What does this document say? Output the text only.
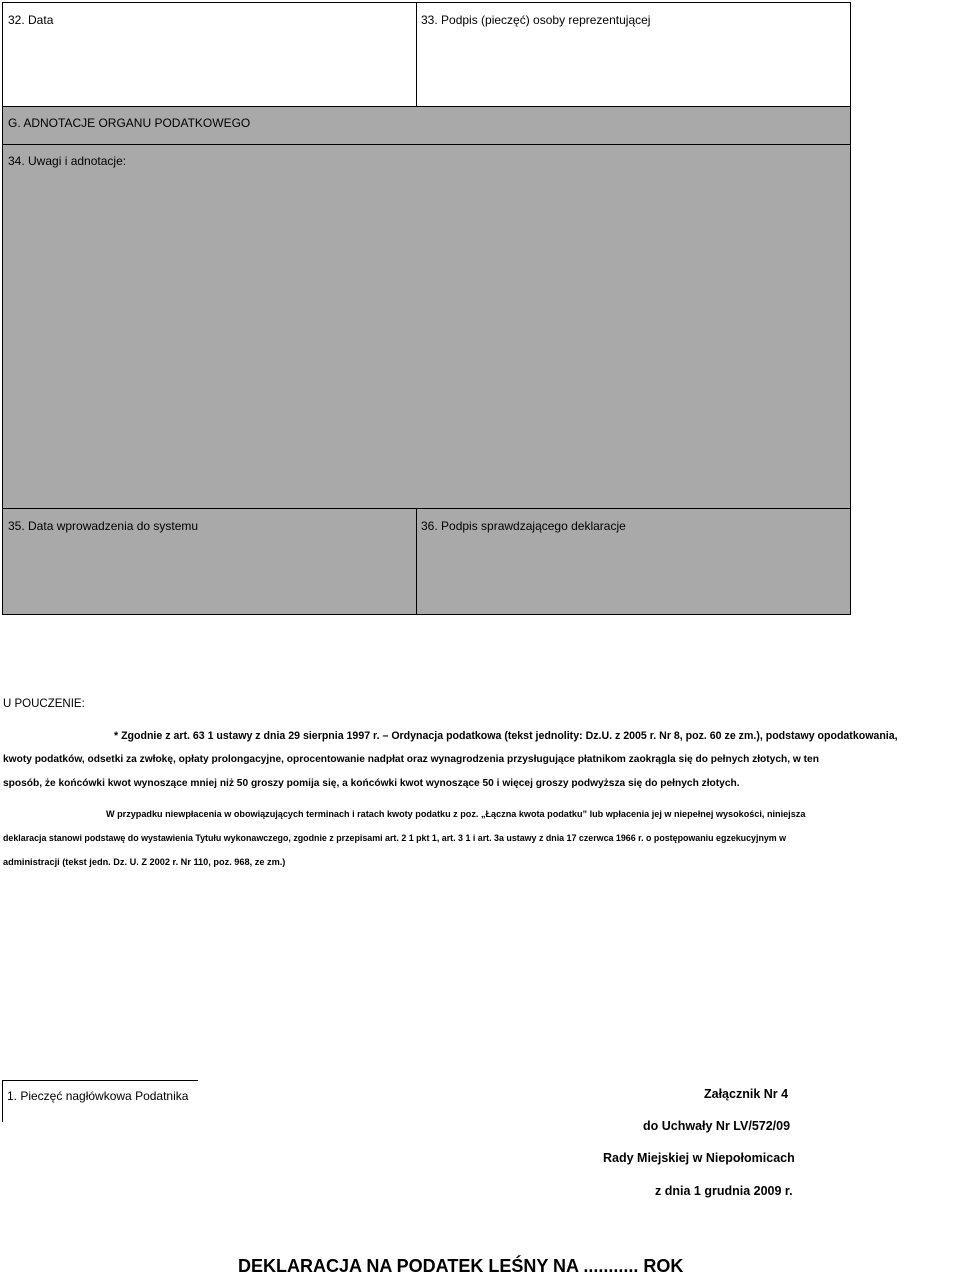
32. Data	33. Podpis (pieczęć) osoby reprezentującej
G. ADNOTACJE ORGANU PODATKOWEGO
34. Uwagi i adnotacje:
35. Data wprowadzenia do systemu	36. Podpis sprawdzającego deklaracje
U POUCZENIE:
* Zgodnie z art. 63 1 ustawy z dnia 29 sierpnia 1997 r. – Ordynacja podatkowa (tekst jednolity: Dz.U. z 2005 r. Nr 8, poz. 60 ze zm.), podstawy opodatkowania,
kwoty podatków, odsetki za zwłokę, opłaty prolongacyjne, oprocentowanie nadpłat oraz wynagrodzenia przysługujące płatnikom zaokrągla się do pełnych złotych, w ten
sposób, że końcówki kwot wynoszące mniej niż 50 groszy pomija się, a końcówki kwot wynoszące 50 i więcej groszy podwyższa się do pełnych złotych.
W przypadku niewpłacenia w obowiązujących terminach i ratach kwoty podatku z poz. „Łączna kwota podatku” lub wpłacenia jej w niepełnej wysokości, niniejsza
deklaracja stanowi podstawę do wystawienia Tytułu wykonawczego, zgodnie z przepisami art. 2 1 pkt 1, art. 3 1 i art. 3a ustawy z dnia 17 czerwca 1966 r. o postępowaniu egzekucyjnym w
administracji (tekst jedn. Dz. U. Z 2002 r. Nr 110, poz. 968, ze zm.)
1. Pieczęć nagłówkowa Podatnika	Załącznik Nr 4
do Uchwały Nr LV/572/09
Rady Miejskiej w Niepołomicach
z dnia 1 grudnia 2009 r.
DEKLARACJA NA PODATEK LEŚNY NA ........... ROK
